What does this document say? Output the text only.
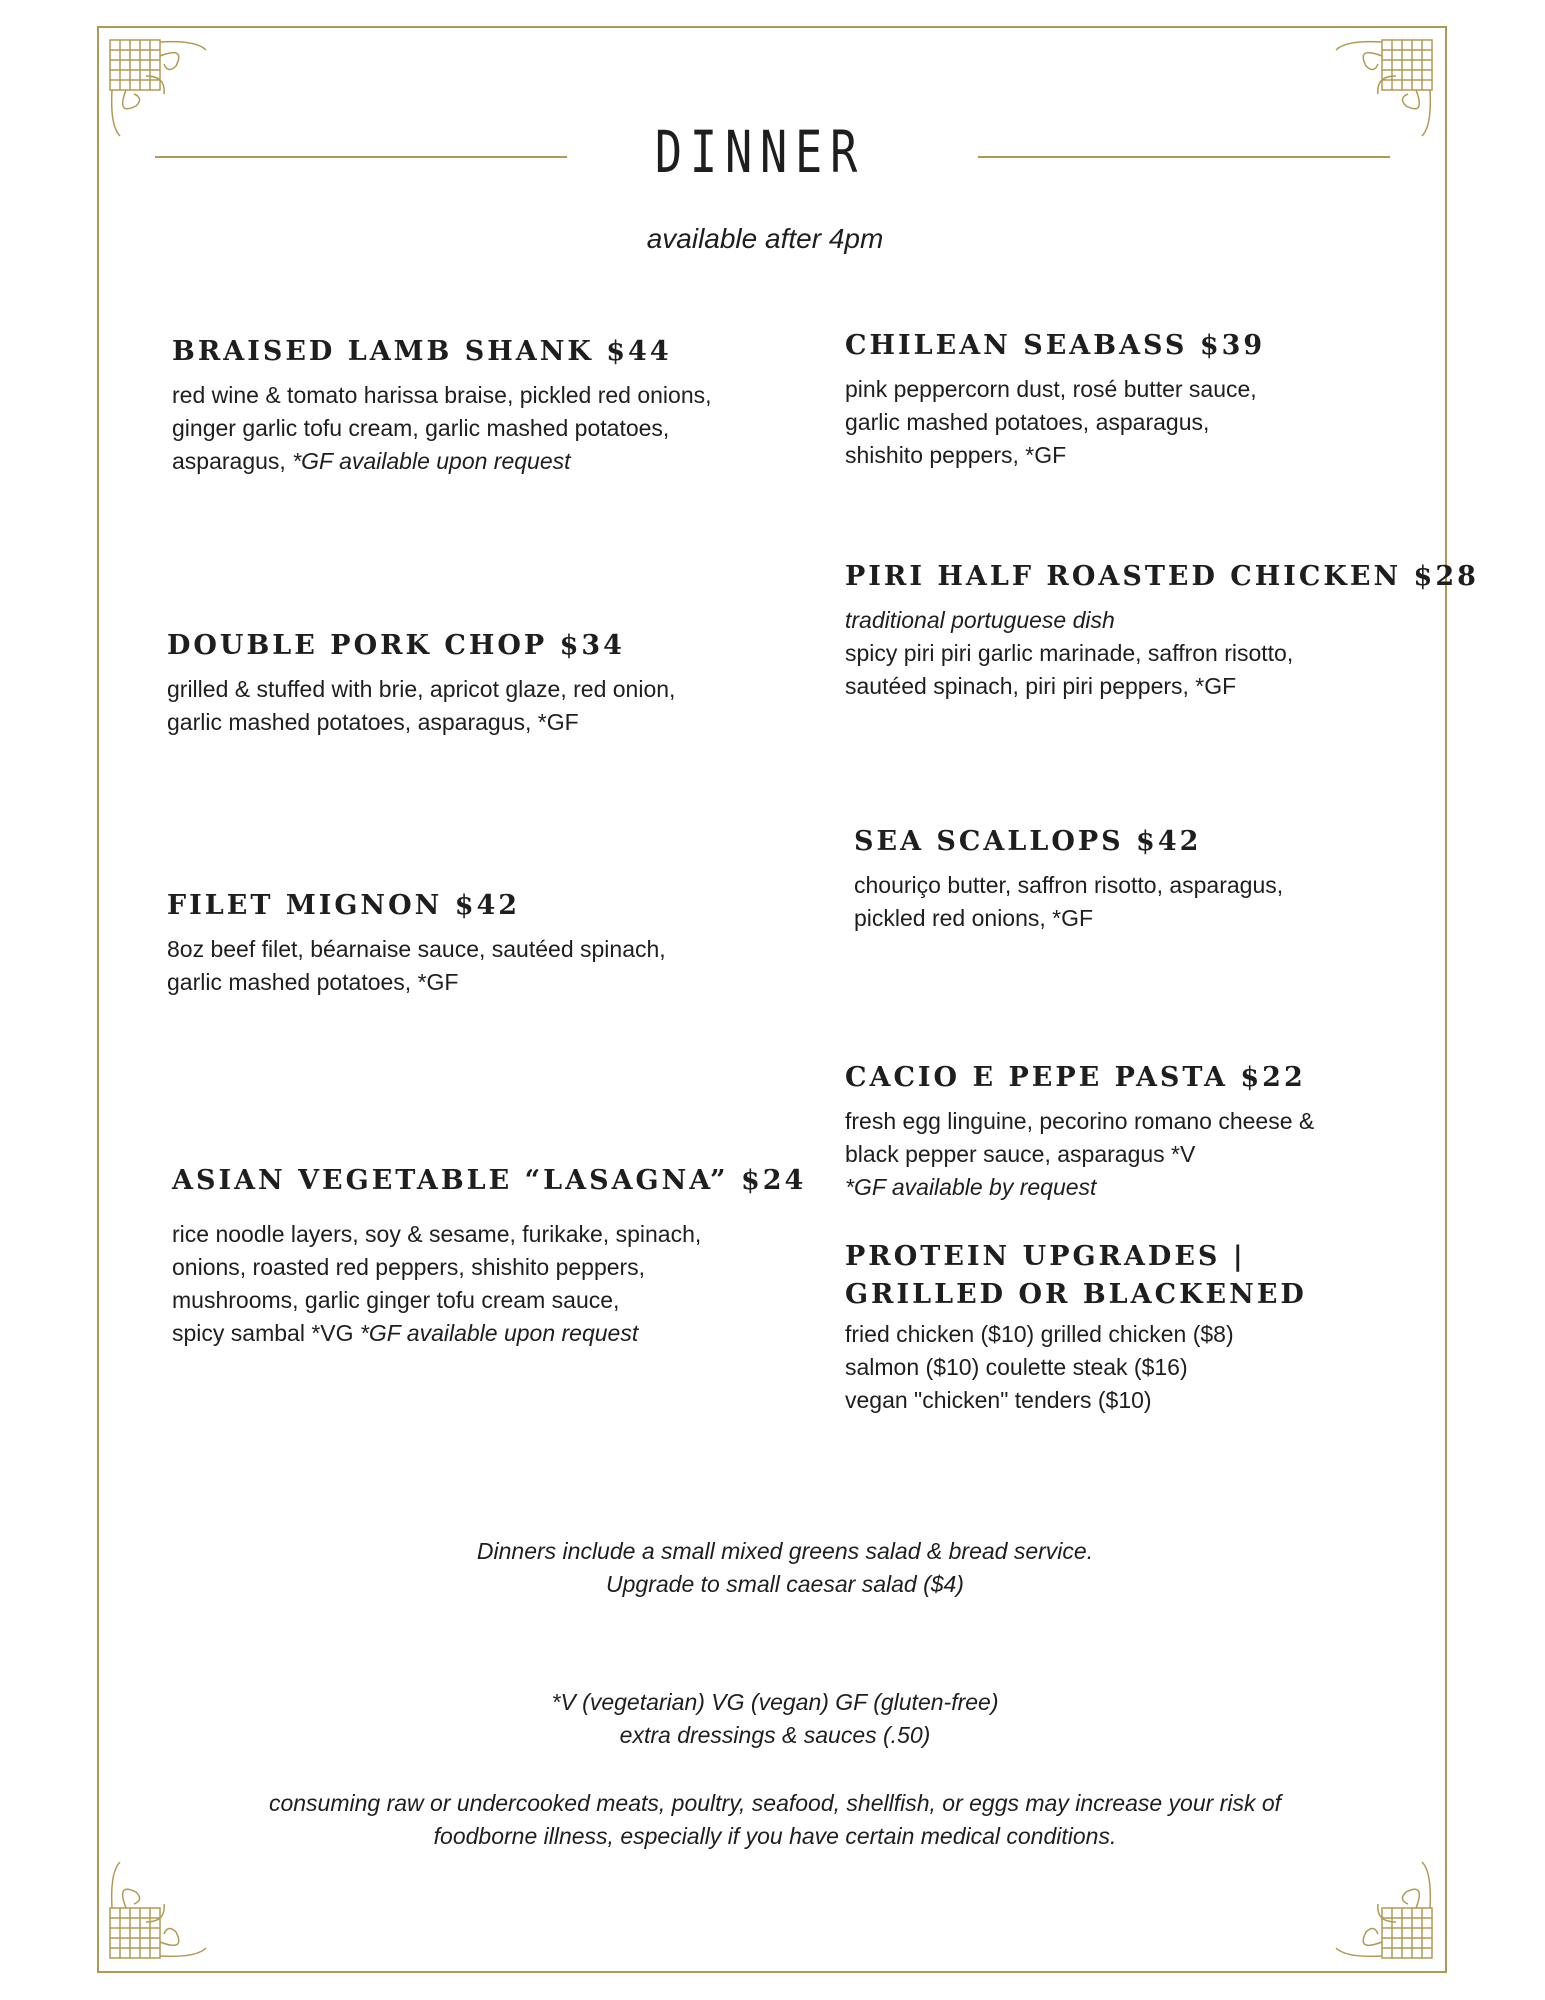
DINNER
available after 4pm
BRAISED LAMB SHANK $44

red wine & tomato harissa braise, pickled red onions,
ginger garlic tofu cream, garlic mashed potatoes,
asparagus, *GF available upon request

DOUBLE PORK CHOP $34

grilled & stuffed with brie, apricot glaze, red onion,
garlic mashed potatoes, asparagus, *GF

FILET MIGNON $42

8oz beef filet, béarnaise sauce, sautéed spinach,
garlic mashed potatoes, *GF

ASIAN VEGETABLE “LASAGNA” $24

rice noodle layers, soy & sesame, furikake, spinach,
onions, roasted red peppers, shishito peppers,
mushrooms, garlic ginger tofu cream sauce,
spicy sambal *VG *GF available upon request

CHILEAN SEABASS $39

pink peppercorn dust, rosé butter sauce,
garlic mashed potatoes, asparagus,
shishito peppers, *GF

PIRI HALF ROASTED CHICKEN $28

traditional portuguese dish
spicy piri piri garlic marinade, saffron risotto,
sautéed spinach, piri piri peppers, *GF

SEA SCALLOPS $42

chouriço butter, saffron risotto, asparagus,
pickled red onions, *GF

CACIO E PEPE PASTA $22

fresh egg linguine, pecorino romano cheese &
black pepper sauce, asparagus *V
*GF available by request

PROTEIN UPGRADES |
GRILLED OR BLACKENED

fried chicken ($10) grilled chicken ($8)
salmon ($10) coulette steak ($16)
vegan "chicken" tenders ($10)

Dinners include a small mixed greens salad & bread service.

Upgrade to small caesar salad ($4)

*V (vegetarian) VG (vegan) GF (gluten-free)

extra dressings & sauces (.50)

consuming raw or undercooked meats, poultry, seafood, shellfish, or eggs may increase your risk of

foodborne illness, especially if you have certain medical conditions.
